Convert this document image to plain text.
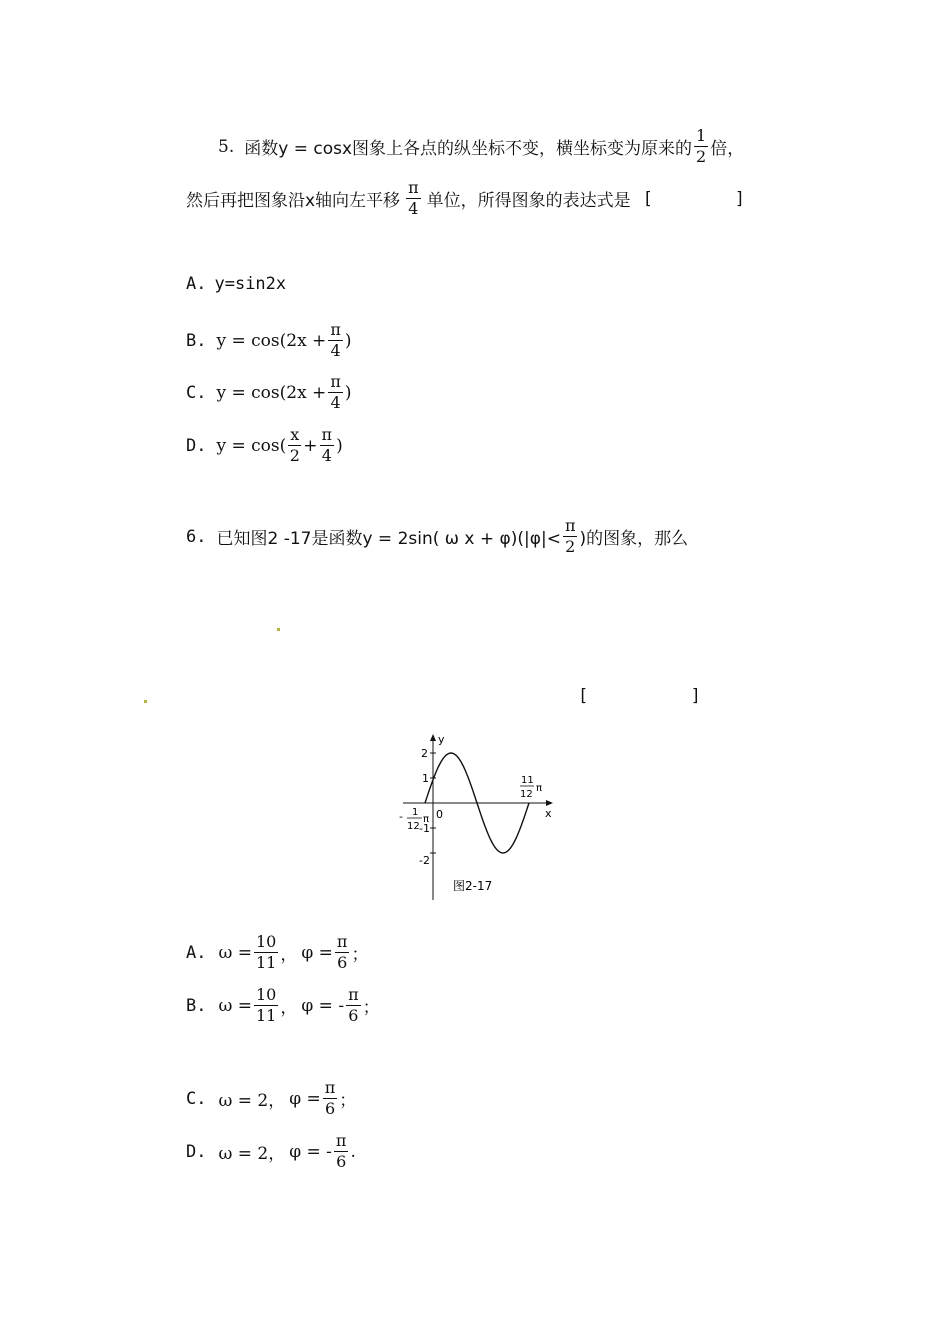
5. 函数y = cosx图象上各点的纵坐标不变，横坐标变为原来的 $\frac{1}{2}$ 倍，
然后再把图象沿x轴向左平移 $\frac{\pi}{4}$ 单位，所得图象的表达式是 [        ]
A. y=sin2x
B. $y = \cos(2x + \frac{\pi}{4}$ )
C. $y = \cos(2x + \frac{\pi}{4}$ )
D. $y = \cos( \frac{x}{2} + \frac{\pi}{4}$ )
6. 已知图2 -17是函数y = 2sin( ω $x + \varphi)(|\varphi|< \frac{\pi}{2}$ )的图象，那么
[          ]
y
x
2
1
-1
-2
0
- 1
12
π
11
12
π
图2-17
A. $\omega = \frac{10}{11}$ ， $\varphi = \frac{\pi}{6}$ ；
B. $\omega = \frac{10}{11}$ ， φ = - $\frac{\pi}{6}$ ；
C. ω = 2， $\varphi = \frac{\pi}{6}$ ；
D. ω = 2， φ = - $\frac{\pi}{6}$ .
